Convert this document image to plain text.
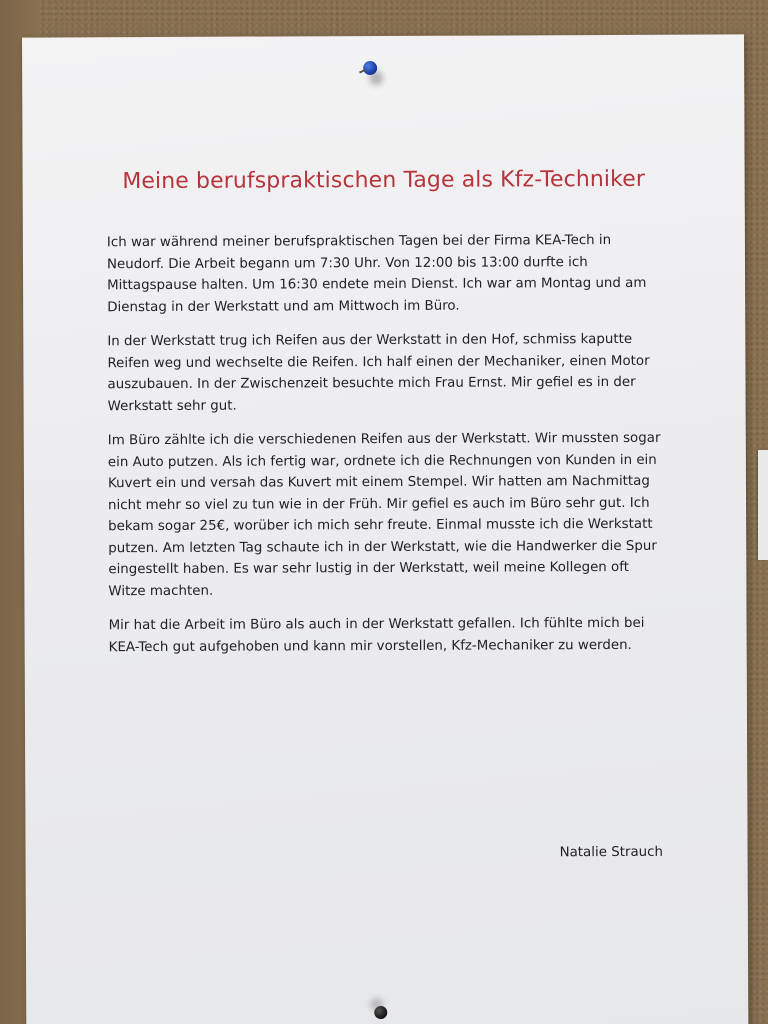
Meine berufspraktischen Tage als Kfz-Techniker

Ich war während meiner berufspraktischen Tagen bei der Firma KEA-Tech in Neudorf. Die Arbeit begann um 7:30 Uhr. Von 12:00 bis 13:00 durfte ich Mittagspause halten. Um 16:30 endete mein Dienst. Ich war am Montag und am Dienstag in der Werkstatt und am Mittwoch im Büro.

In der Werkstatt trug ich Reifen aus der Werkstatt in den Hof, schmiss kaputte Reifen weg und wechselte die Reifen. Ich half einen der Mechaniker, einen Motor auszubauen. In der Zwischenzeit besuchte mich Frau Ernst. Mir gefiel es in der Werkstatt sehr gut.

Im Büro zählte ich die verschiedenen Reifen aus der Werkstatt. Wir mussten sogar ein Auto putzen. Als ich fertig war, ordnete ich die Rechnungen von Kunden in ein Kuvert ein und versah das Kuvert mit einem Stempel. Wir hatten am Nachmittag nicht mehr so viel zu tun wie in der Früh. Mir gefiel es auch im Büro sehr gut. Ich bekam sogar 25€, worüber ich mich sehr freute. Einmal musste ich die Werkstatt putzen. Am letzten Tag schaute ich in der Werkstatt, wie die Handwerker die Spur eingestellt haben. Es war sehr lustig in der Werkstatt, weil meine Kollegen oft Witze machten.

Mir hat die Arbeit im Büro als auch in der Werkstatt gefallen. Ich fühlte mich bei KEA-Tech gut aufgehoben und kann mir vorstellen, Kfz-Mechaniker zu werden.

Natalie Strauch
